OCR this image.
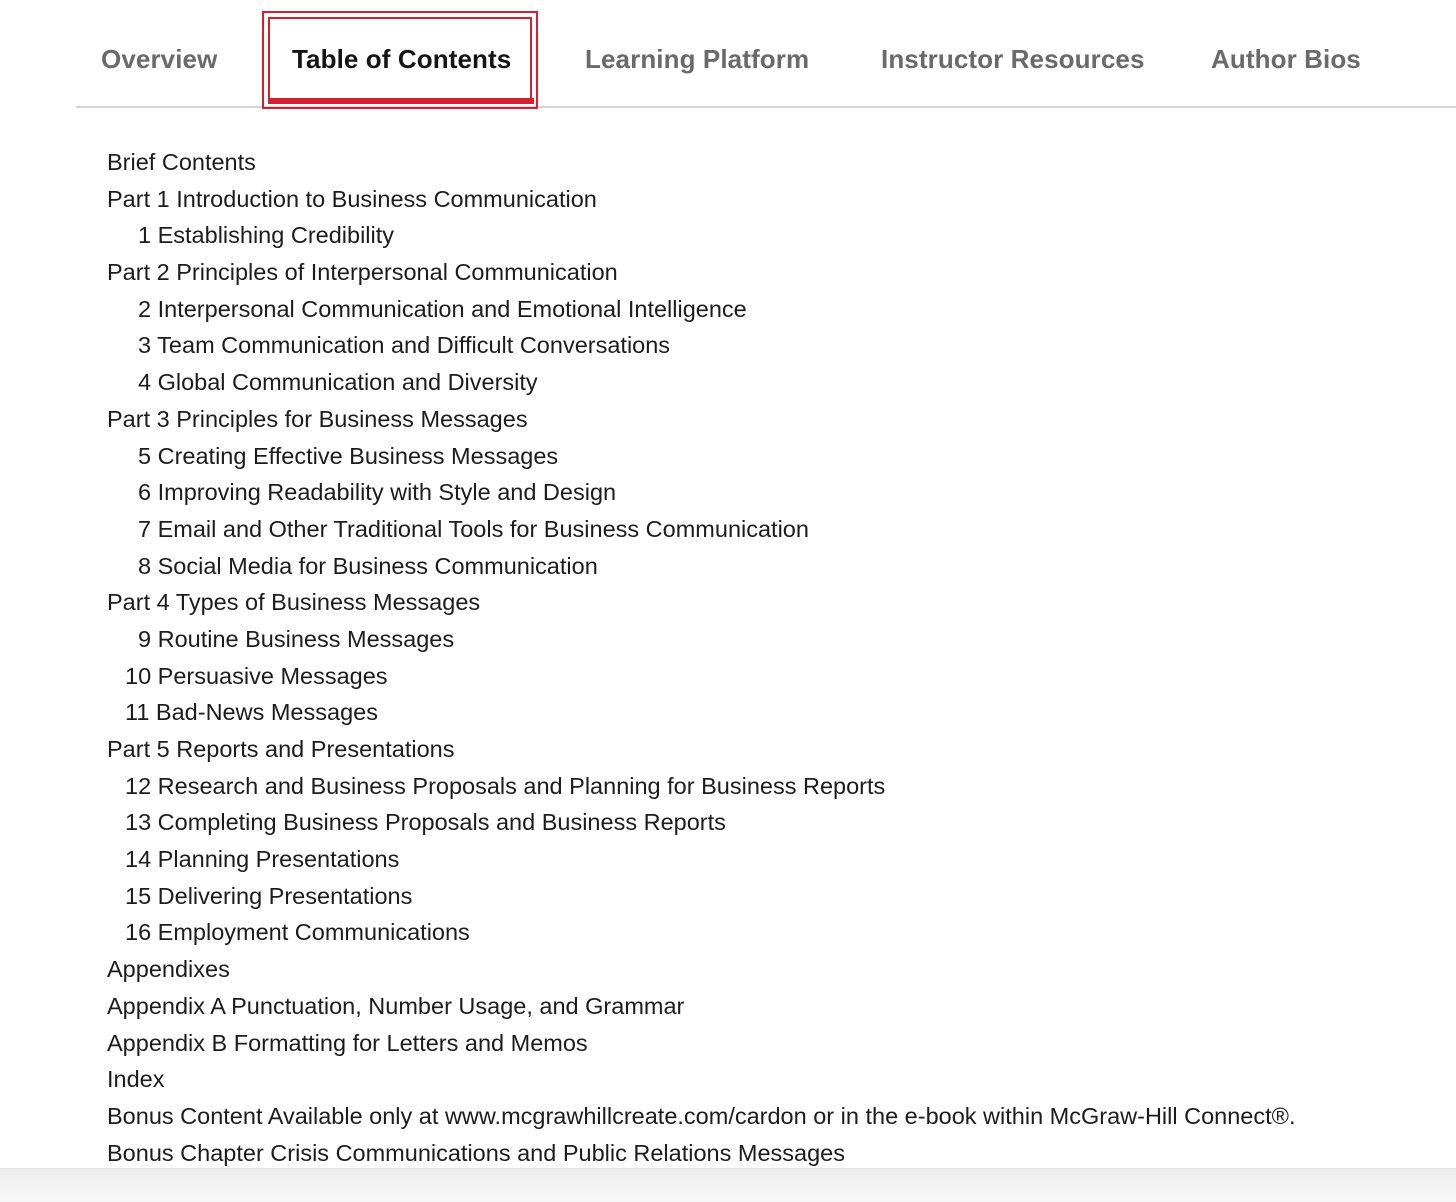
Overview	Table of Contents	Learning Platform	Instructor Resources	Author Bios
Brief Contents
Part 1 Introduction to Business Communication
1 Establishing Credibility
Part 2 Principles of Interpersonal Communication
2 Interpersonal Communication and Emotional Intelligence
3 Team Communication and Difficult Conversations
4 Global Communication and Diversity
Part 3 Principles for Business Messages
5 Creating Effective Business Messages
6 Improving Readability with Style and Design
7 Email and Other Traditional Tools for Business Communication
8 Social Media for Business Communication
Part 4 Types of Business Messages
9 Routine Business Messages
10 Persuasive Messages
11 Bad-News Messages
Part 5 Reports and Presentations
12 Research and Business Proposals and Planning for Business Reports
13 Completing Business Proposals and Business Reports
14 Planning Presentations
15 Delivering Presentations
16 Employment Communications
Appendixes
Appendix A Punctuation, Number Usage, and Grammar
Appendix B Formatting for Letters and Memos
Index
Bonus Content Available only at www.mcgrawhillcreate.com/cardon or in the e-book within McGraw-Hill Connect®.
Bonus Chapter Crisis Communications and Public Relations Messages
